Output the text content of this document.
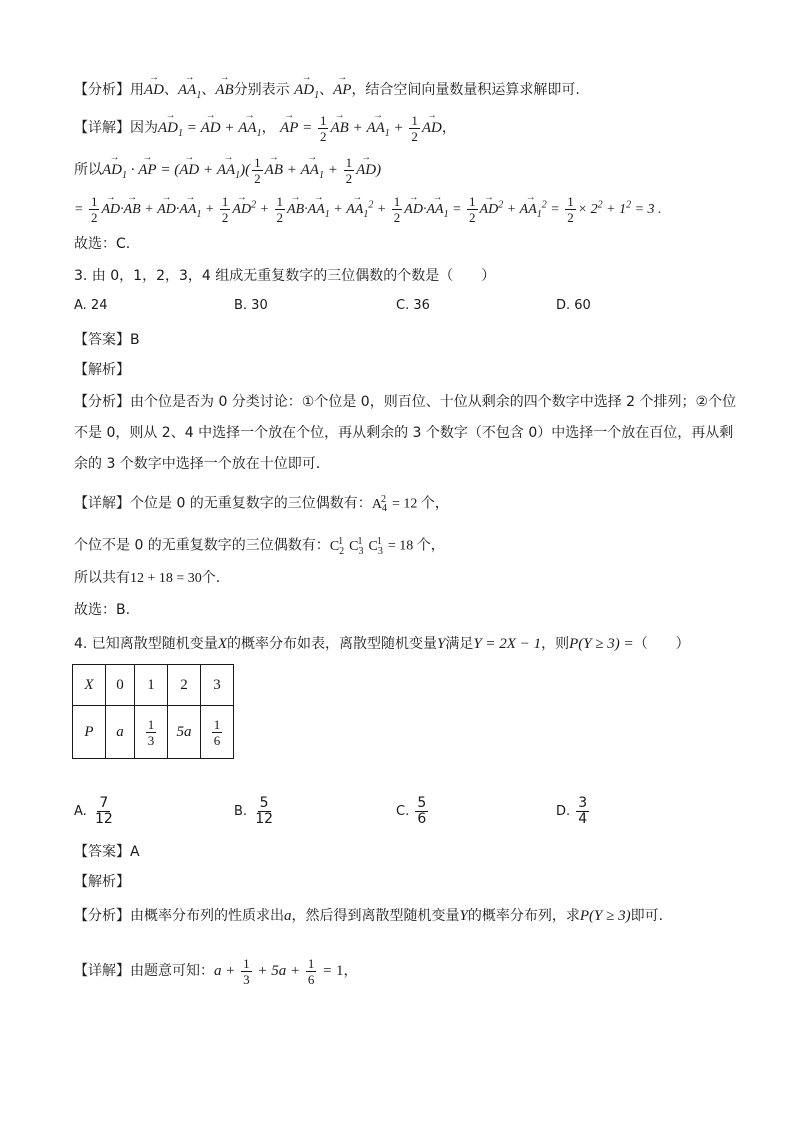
【分析】用→ AD、→ $AA_1$、→ AB分别表示 → $AD_1$、→ AP，结合空间向量数量积运算求解即可.
【详解】因为→ $AD_1$ = → AD + → $AA_1$， → AP = $\frac{1}{2}$ → AB + → $AA_1 + \frac{1}{2}$ → AD，
所以→ $AD_1$ · → AP = (→ AD + → $AA_1)( \frac{1}{2}$ → AB + → $AA_1 + \frac{1}{2} \to AD$)
= $\frac{1}{2} \to AD\cdot\to$ AB + → $AD\cdot\to AA_1 + \frac{1}{2} \to AD^2 + \frac{1}{2} \to AB\cdot\to AA_1$ + → $AA_1^2 + \frac{1}{2} \to AD\cdot\to AA_1 = \frac{1}{2} \to AD^2$ + → $AA_1^2 = \frac{1}{2} \times 2^2 + 1^2 = 3$ .
故选：C.
3. 由 0，1，2，3，4 组成无重复数字的三位偶数的个数是（　　）
A. 24	B. 30	C. 36	D. 60
【答案】B
【解析】
【分析】由个位是否为 0 分类讨论：①个位是 0，则百位、十位从剩余的四个数字中选择 2 个排列；②个位
不是 0，则从 2、4 中选择一个放在个位，再从剩余的 3 个数字（不包含 0）中选择一个放在百位，再从剩
余的 3 个数字中选择一个放在十位即可.
【详解】个位是 0 的无重复数字的三位偶数有：$A_4^2 = 12$ 个，
个位不是 0 的无重复数字的三位偶数有：$C_2^1$ $C_3^1$ $C_3^1 = 18$ 个，
所以共有12 + 18 = 30个.
故选：B.
4. 已知离散型随机变量X的概率分布如表，离散型随机变量Y满足Y = 2X − 1，则P(Y ≥ 3) =（　　）
X	0	1	2	3
P	a	$\frac{1}{3}$	5a	$\frac{1}{6}$
A. $\frac{7}{12}$	B. $\frac{5}{12}$	C. $\frac{5}{6}$	D. $\frac{3}{4}$
【答案】A
【解析】
【分析】由概率分布列的性质求出a，然后得到离散型随机变量Y的概率分布列，求P(Y ≥ 3)即可.
【详解】由题意可知：$a + \frac{1}{3} + 5a + \frac{1}{6} = 1$，
